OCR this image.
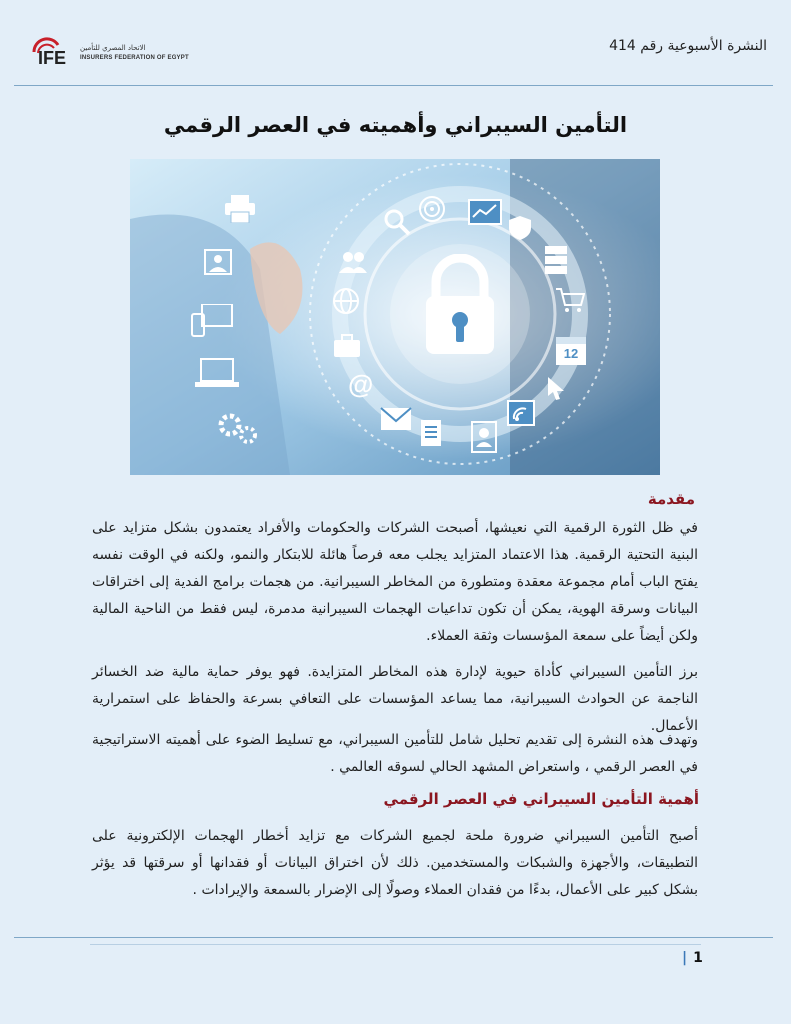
IFE الاتحاد المصري للتأمين
INSURERS FEDERATION OF EGYPT
النشرة الأسبوعية رقم 414
التأمين السيبراني وأهميته في العصر الرقمي
12
@
مقدمة

في ظل الثورة الرقمية التي نعيشها، أصبحت الشركات والحكومات والأفراد يعتمدون بشكل متزايد على البنية التحتية الرقمية. هذا الاعتماد المتزايد يجلب معه فرصاً هائلة للابتكار والنمو، ولكنه في الوقت نفسه يفتح الباب أمام مجموعة معقدة ومتطورة من المخاطر السيبرانية. من هجمات برامج الفدية إلى اختراقات البيانات وسرقة الهوية، يمكن أن تكون تداعيات الهجمات السيبرانية مدمرة، ليس فقط من الناحية المالية ولكن أيضاً على سمعة المؤسسات وثقة العملاء.

برز التأمين السيبراني كأداة حيوية لإدارة هذه المخاطر المتزايدة. فهو يوفر حماية مالية ضد الخسائر الناجمة عن الحوادث السيبرانية، مما يساعد المؤسسات على التعافي بسرعة والحفاظ على استمرارية الأعمال.

وتهدف هذه النشرة إلى تقديم تحليل شامل للتأمين السيبراني، مع تسليط الضوء على أهميته الاستراتيجية في العصر الرقمي ، واستعراض المشهد الحالي لسوقه العالمي .

أهمية التأمين السيبراني في العصر الرقمي

أصبح التأمين السيبراني ضرورة ملحة لجميع الشركات مع تزايد أخطار الهجمات الإلكترونية على التطبيقات، والأجهزة والشبكات والمستخدمين. ذلك لأن اختراق البيانات أو فقدانها أو سرقتها قد يؤثر بشكل كبير على الأعمال، بدءًا من فقدان العملاء وصولًا إلى الإضرار بالسمعة والإيرادات .

| 1
